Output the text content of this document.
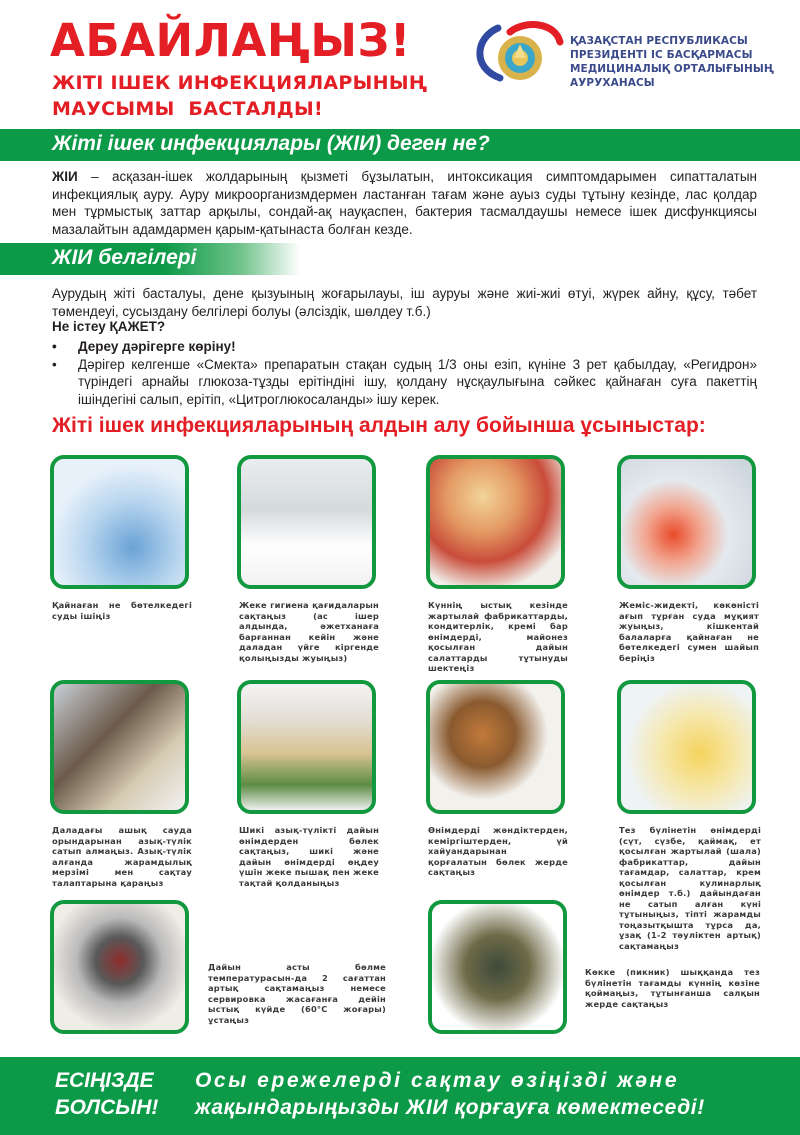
АБАЙЛАҢЫЗ!
ЖІТІ ІШЕК ИНФЕКЦИЯЛАРЫНЫҢ
МАУСЫМЫ  БАСТАЛДЫ!
ҚАЗАҚСТАН РЕСПУБЛИКАСЫ
ПРЕЗИДЕНТІ ІС БАСҚАРМАСЫ
МЕДИЦИНАЛЫҚ ОРТАЛЫҒЫНЫҢ
АУРУХАНАСЫ
Жіті ішек инфекциялары (ЖІИ) деген не?
ЖІИ – асқазан-ішек жолдарының қызметі бұзылатын, интоксикация симптомдарымен сипатталатын инфекциялық ауру. Ауру микроорганизмдермен ластанған тағам және ауыз суды тұтыну кезінде, лас қолдар мен тұрмыстық заттар арқылы, сондай-ақ науқаспен, бактерия тасмалдаушы немесе ішек дисфункциясы мазалайтын адамдармен қарым-қатынаста болған кезде.
ЖІИ белгілері
Аурудың жіті басталуы, дене қызуының жоғарылауы, іш ауруы және жиі-жиі өтуі, жүрек айну, құсу, тәбет төмендеуі, сусыздану белгілері болуы (әлсіздік, шөлдеу т.б.)
Не істеу ҚАЖЕТ?
• Дереу дәрігерге көріну!
• Дәрігер келгенше «Смекта» препаратын стақан судың 1/3 оны езіп, күніне 3 рет қабылдау, «Регидрон» түріндегі арнайы глюкоза-тұзды ерітіндіні ішу, қолдану нұсқаулығына сәйкес қайнаған суға пакеттің ішіндегіні салып, ерітіп, «Цитроглюкосаланды» ішу керек.
Жіті ішек инфекцияларының алдын алу бойынша ұсыныстар:
Қайнаған не бөтелкедегі суды ішіңіз
Жеке гигиена қағидаларын сақтаңыз (ас ішер алдында, әжетханаға барғаннан кейін және даладан үйге кіргенде қолыңызды жуыңыз)
Күннің ыстық кезінде жартылай фабрикаттарды, кондитерлік, кремі бар өнімдерді, майонез қосылған дайын салаттарды тұтынуды шектеңіз
Жеміс-жидекті, көкөністі ағып тұрған суда мұқият жуыңыз, кішкентай балаларға қайнаған не бөтелкедегі сумен шайып беріңіз
Даладағы ашық сауда орындарынан азық-түлік сатып алмаңыз. Азық-түлік алғанда жарамдылық мерзімі мен сақтау талаптарына қараңыз
Шикі азық-түлікті дайын өнімдерден бөлек сақтаңыз, шикі және дайын өнімдерді өңдеу үшін жеке пышақ пен жеке тақтай қолданыңыз
Өнімдерді жәндіктерден, кеміргіштерден, үй хайуандарынан қорғалатын бөлек жерде сақтаңыз
Тез бүлінетін өнімдерді (сүт, сүзбе, қаймақ, ет қосылған жартылай (шала) фабрикаттар, дайын тағамдар, салаттар, крем қосылған кулинарлық өнімдер т.б.) дайындаған не сатып алған күні тұтыныңыз, тіпті жарамды тоңазытқышта тұрса да, ұзақ (1-2 тәуліктен артық) сақтамаңыз
Дайын асты бөлме температурасын-да 2 сағаттан артық сақтамаңыз немесе сервировка жасағанға дейін ыстық күйде (60°C жоғары) ұстаңыз
Көкке (пикник) шыққанда тез бүлінетін тағамды күннің көзіне қоймаңыз, тұтынғанша салқын жерде сақтаңыз
ЕСІҢІЗДЕ
БОЛСЫН!
Осы ережелерді сақтау өзіңізді және
жақындарыңызды ЖІИ қорғауға көмектеседі!
